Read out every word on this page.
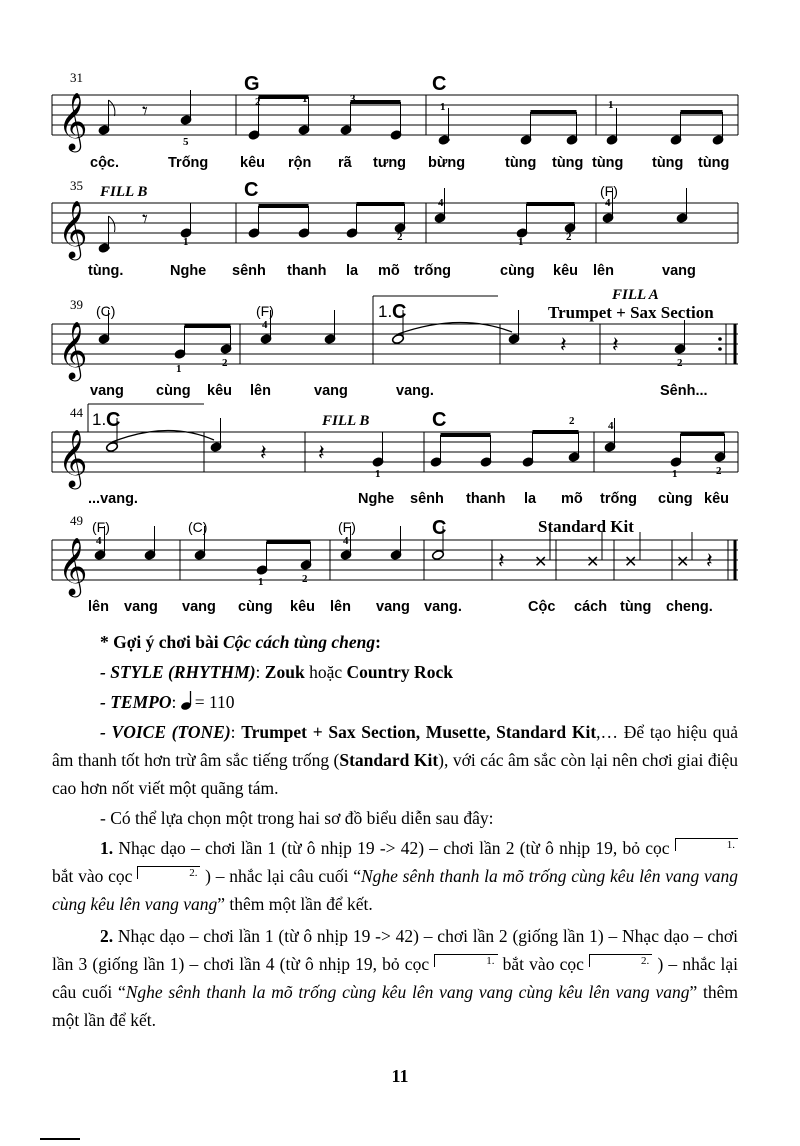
𝄞
31	G	C
𝄾
5
2	1	3
1	1
cộc.	Trống kêu rộn rã tưng bừng	tùng tùng tùng tùng tùng
𝄞
35 FILL B	C	(F)
𝄾
1	2
4
1	2
4
tùng.	Nghe sênh thanh la mõ trống	cùng kêu lên	vang
𝄞
39 (C)	(F)	1. C
FILL A
Trumpet + Sax Section
𝄽 𝄽
1	2
4
2
vang cùng kêu lên	vang	vang.	Sênh...
𝄞
44 1. C	FILL B	C
𝄽 𝄽
1
2	4
1	2
...vang.	Nghe sênh thanh la mõ trống cùng kêu
𝄞
49 (F)	(C)	(F)	C	Standard Kit
𝄽 ✕ ✕ ✕ ✕ 𝄽
4
1	2
4
lên vang vang cùng kêu lên vang vang.	Cộc cách tùng cheng.

* Gợi ý chơi bài Cộc cách tùng cheng:

- STYLE (RHYTHM): Zouk hoặc Country Rock

- TEMPO: = 110

- VOICE (TONE): Trumpet + Sax Section, Musette, Standard Kit,… Để tạo hiệu quả âm thanh tốt hơn trừ âm sắc tiếng trống (Standard Kit), với các âm sắc còn lại nên chơi giai điệu cao hơn nốt viết một quãng tám.

- Có thể lựa chọn một trong hai sơ đồ biểu diễn sau đây:

1. Nhạc dạo – chơi lần 1 (từ ô nhịp 19 -> 42) – chơi lần 2 (từ ô nhịp 19, bỏ cọc	1. bắt vào cọc	2. ) – nhắc lại câu cuối “Nghe sênh thanh la mõ trống cùng kêu lên vang vang cùng kêu lên vang vang” thêm một lần để kết.

2. Nhạc dạo – chơi lần 1 (từ ô nhịp 19 -> 42) – chơi lần 2 (giống lần 1) – Nhạc dạo – chơi lần 3 (giống lần 1) – chơi lần 4 (từ ô nhịp 19, bỏ cọc	1. bắt vào cọc	2. ) – nhắc lại câu cuối “Nghe sênh thanh la mõ trống cùng kêu lên vang vang cùng kêu lên vang vang” thêm một lần để kết.

11
